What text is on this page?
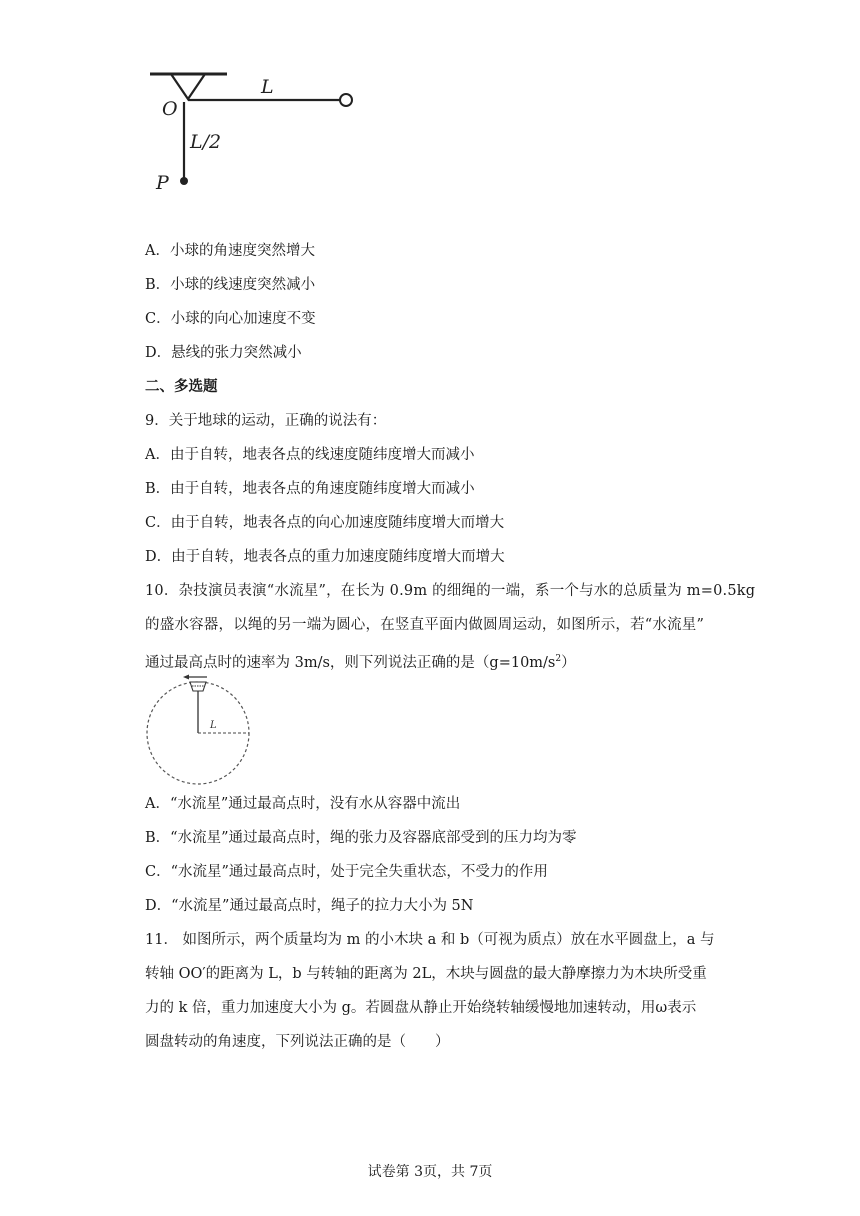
O
L
L/2
P
A．小球的角速度突然增大
B．小球的线速度突然减小
C．小球的向心加速度不变
D．悬线的张力突然减小
二、多选题
9．关于地球的运动，正确的说法有：
A．由于自转，地表各点的线速度随纬度增大而减小
B．由于自转，地表各点的角速度随纬度增大而减小
C．由于自转，地表各点的向心加速度随纬度增大而增大
D．由于自转，地表各点的重力加速度随纬度增大而增大
10．杂技演员表演“水流星”，在长为 0.9m 的细绳的一端，系一个与水的总质量为 m=0.5kg
的盛水容器，以绳的另一端为圆心，在竖直平面内做圆周运动，如图所示，若“水流星”
通过最高点时的速率为 3m/s，则下列说法正确的是$(g=10m/s^2)$
L
A．“水流星”通过最高点时，没有水从容器中流出
B．“水流星”通过最高点时，绳的张力及容器底部受到的压力均为零
C．“水流星”通过最高点时，处于完全失重状态，不受力的作用
D．“水流星”通过最高点时，绳子的拉力大小为 5N
11． 如图所示，两个质量均为 m 的小木块 a 和 b（可视为质点）放在水平圆盘上，a 与
转轴 OO′的距离为 L，b 与转轴的距离为 2L，木块与圆盘的最大静摩擦力为木块所受重
力的 k 倍，重力加速度大小为 g。若圆盘从静止开始绕转轴缓慢地加速转动，用ω表示
圆盘转动的角速度，下列说法正确的是（　　）
试卷第 3页，共 7页
